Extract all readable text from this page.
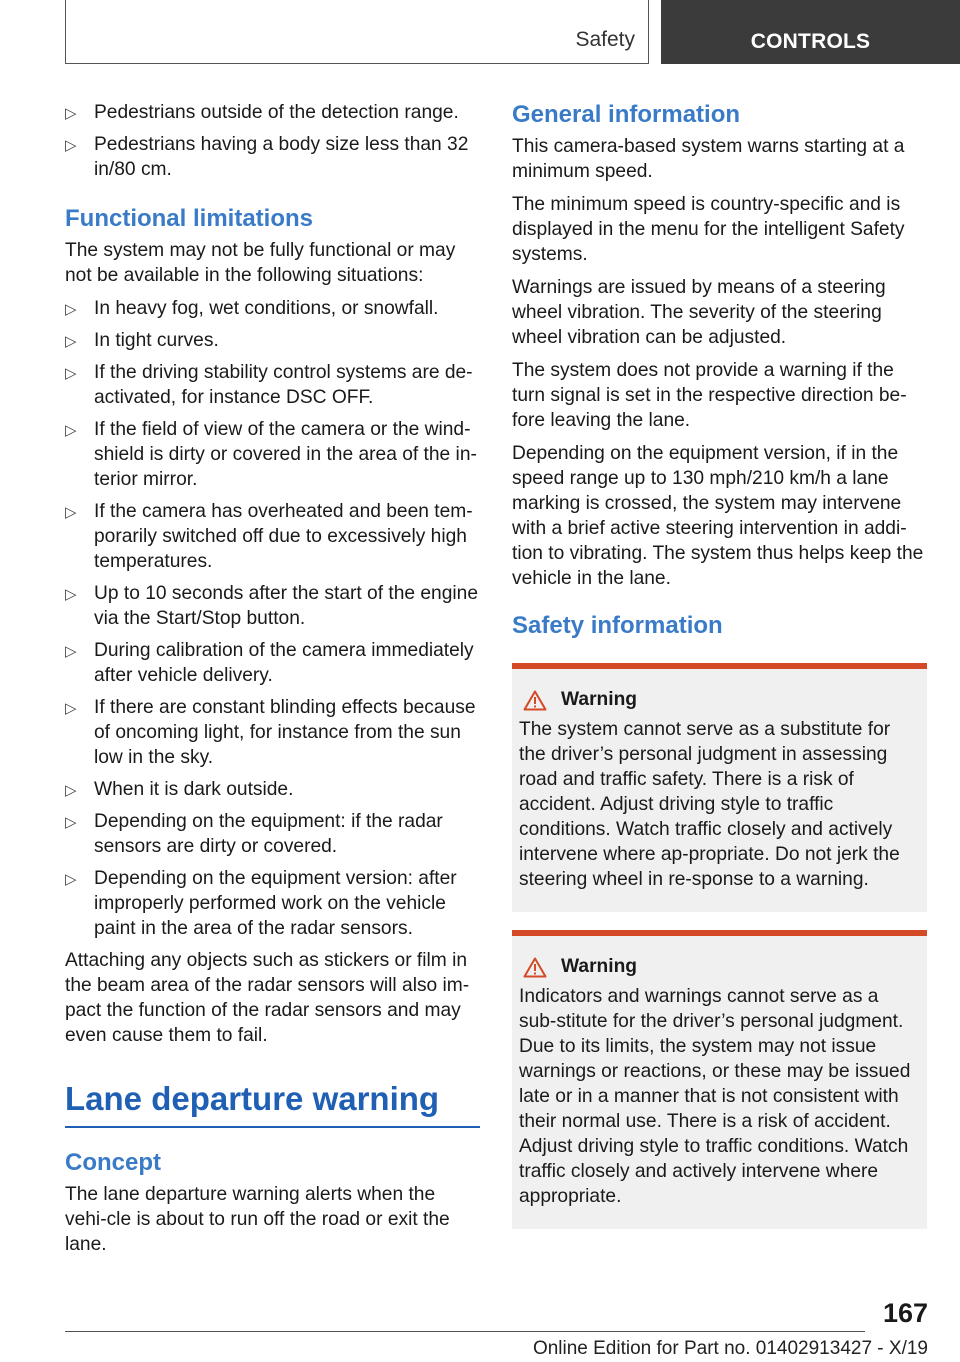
Safety	CONTROLS
▷ Pedestrians outside of the detection range.
▷ Pedestrians having a body size less than 32 in/80 cm.
Functional limitations

The system may not be fully functional or may not be available in the following situations:

▷ In heavy fog, wet conditions, or snowfall.
▷ In tight curves.
▷ If the driving stability control systems are de‐activated, for instance DSC OFF.
▷ If the field of view of the camera or the wind‐shield is dirty or covered in the area of the in‐terior mirror.
▷ If the camera has overheated and been tem‐porarily switched off due to excessively high temperatures.
▷ Up to 10 seconds after the start of the engine via the Start/Stop button.
▷ During calibration of the camera immediately after vehicle delivery.
▷ If there are constant blinding effects because of oncoming light, for instance from the sun low in the sky.
▷ When it is dark outside.
▷ Depending on the equipment: if the radar sensors are dirty or covered.
▷ Depending on the equipment version: after improperly performed work on the vehicle paint in the area of the radar sensors.

Attaching any objects such as stickers or film in the beam area of the radar sensors will also im‐pact the function of the radar sensors and may even cause them to fail.

Lane departure warning
Concept

The lane departure warning alerts when the vehi‐cle is about to run off the road or exit the lane.

General information

This camera-based system warns starting at a minimum speed.

The minimum speed is country-specific and is displayed in the menu for the intelligent Safety systems.

Warnings are issued by means of a steering wheel vibration. The severity of the steering wheel vibration can be adjusted.

The system does not provide a warning if the turn signal is set in the respective direction be‐fore leaving the lane.

Depending on the equipment version, if in the speed range up to 130 mph/210 km/h a lane marking is crossed, the system may intervene with a brief active steering intervention in addi‐tion to vibrating. The system thus helps keep the vehicle in the lane.

Safety information
Warning

The system cannot serve as a substitute for the driver’s personal judgment in assessing road and traffic safety. There is a risk of accident. Adjust driving style to traffic conditions. Watch traffic closely and actively intervene where ap‐propriate. Do not jerk the steering wheel in re‐sponse to a warning.

Warning

Indicators and warnings cannot serve as a sub‐stitute for the driver’s personal judgment. Due to its limits, the system may not issue warnings or reactions, or these may be issued late or in a manner that is not consistent with their normal use. There is a risk of accident. Adjust driving style to traffic conditions. Watch traffic closely and actively intervene where appropriate.

167
Online Edition for Part no. 01402913427 - X/19
